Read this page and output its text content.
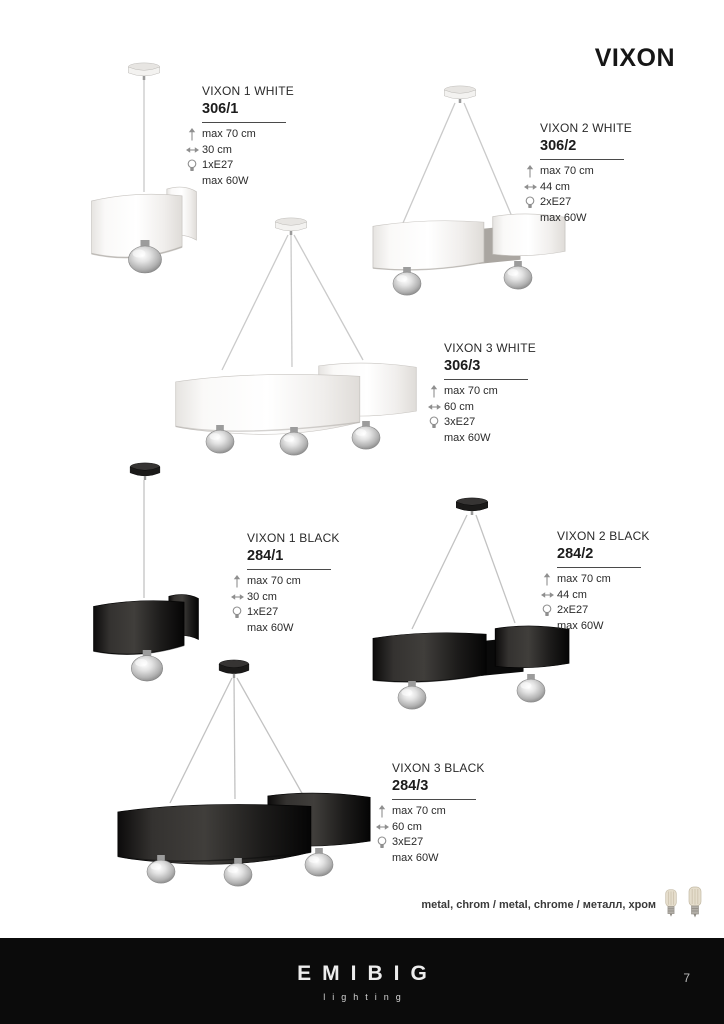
VIXON
VIXON 1 WHITE
306/1
max 70 cm
30 cm
1xE27
max 60W
VIXON 2 WHITE
306/2
max 70 cm
44 cm
2xE27
max 60W
VIXON 3 WHITE
306/3
max 70 cm
60 cm
3xE27
max 60W
VIXON 1 BLACK
284/1
max 70 cm
30 cm
1xE27
max 60W
VIXON 2 BLACK
284/2
max 70 cm
44 cm
2xE27
max 60W
VIXON 3 BLACK
284/3
max 70 cm
60 cm
3xE27
max 60W
metal, chrom / metal, chrome / металл, хром
EMIBIG
lighting
7
